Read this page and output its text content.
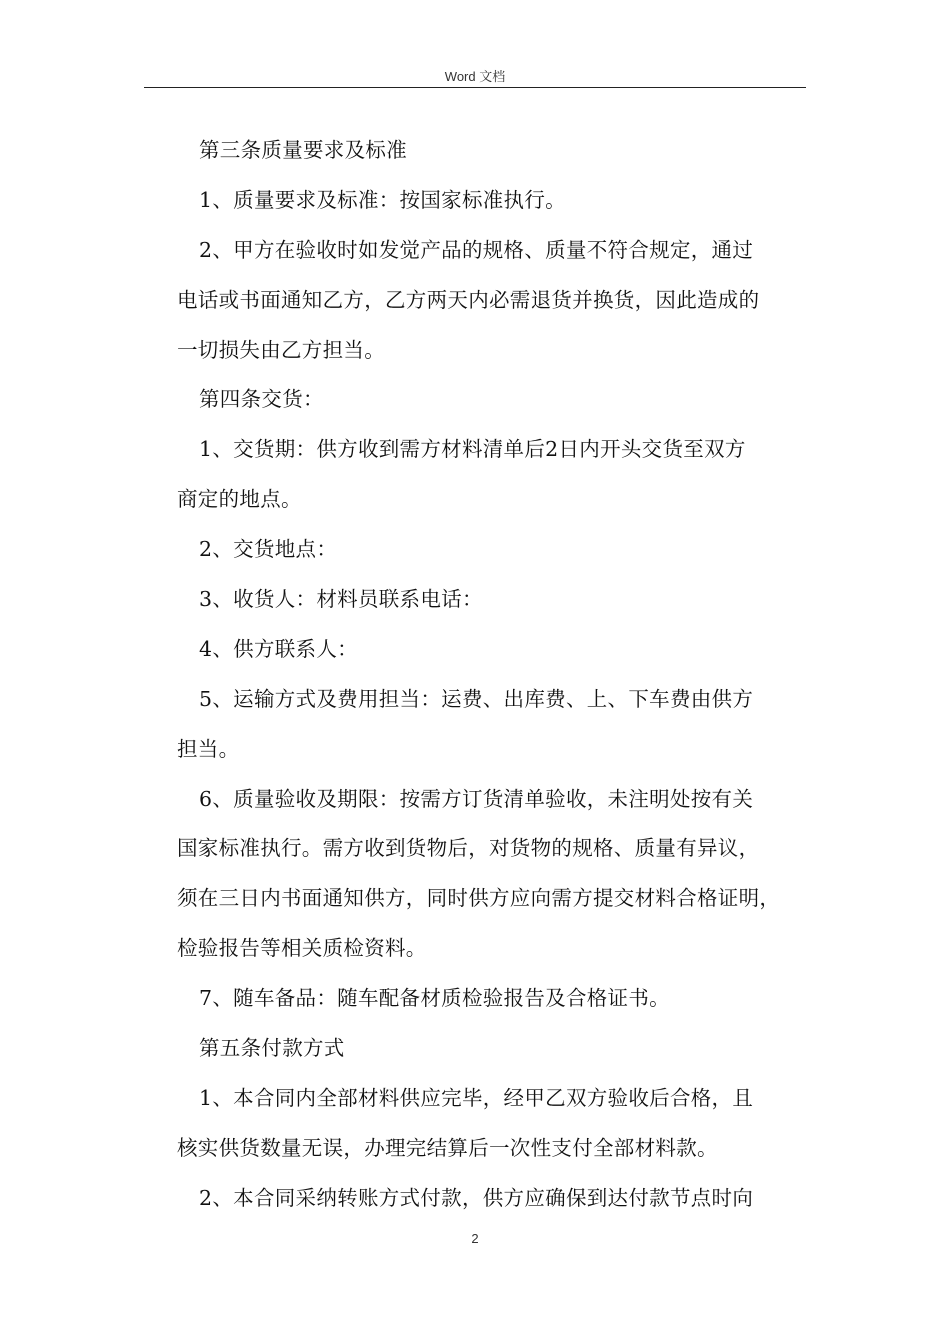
Word 文档
第三条质量要求及标准
1、质量要求及标准：按国家标准执行。
2、甲方在验收时如发觉产品的规格、质量不符合规定，通过
电话或书面通知乙方，乙方两天内必需退货并换货，因此造成的
一切损失由乙方担当。
第四条交货：
1、交货期：供方收到需方材料清单后2日内开头交货至双方
商定的地点。
2、交货地点：
3、收货人：材料员联系电话：
4、供方联系人：
5、运输方式及费用担当：运费、出库费、上、下车费由供方
担当。
6、质量验收及期限：按需方订货清单验收，未注明处按有关
国家标准执行。需方收到货物后，对货物的规格、质量有异议，
须在三日内书面通知供方，同时供方应向需方提交材料合格证明，
检验报告等相关质检资料。
7、随车备品：随车配备材质检验报告及合格证书。
第五条付款方式
1、本合同内全部材料供应完毕，经甲乙双方验收后合格，且
核实供货数量无误，办理完结算后一次性支付全部材料款。
2、本合同采纳转账方式付款，供方应确保到达付款节点时向
2
